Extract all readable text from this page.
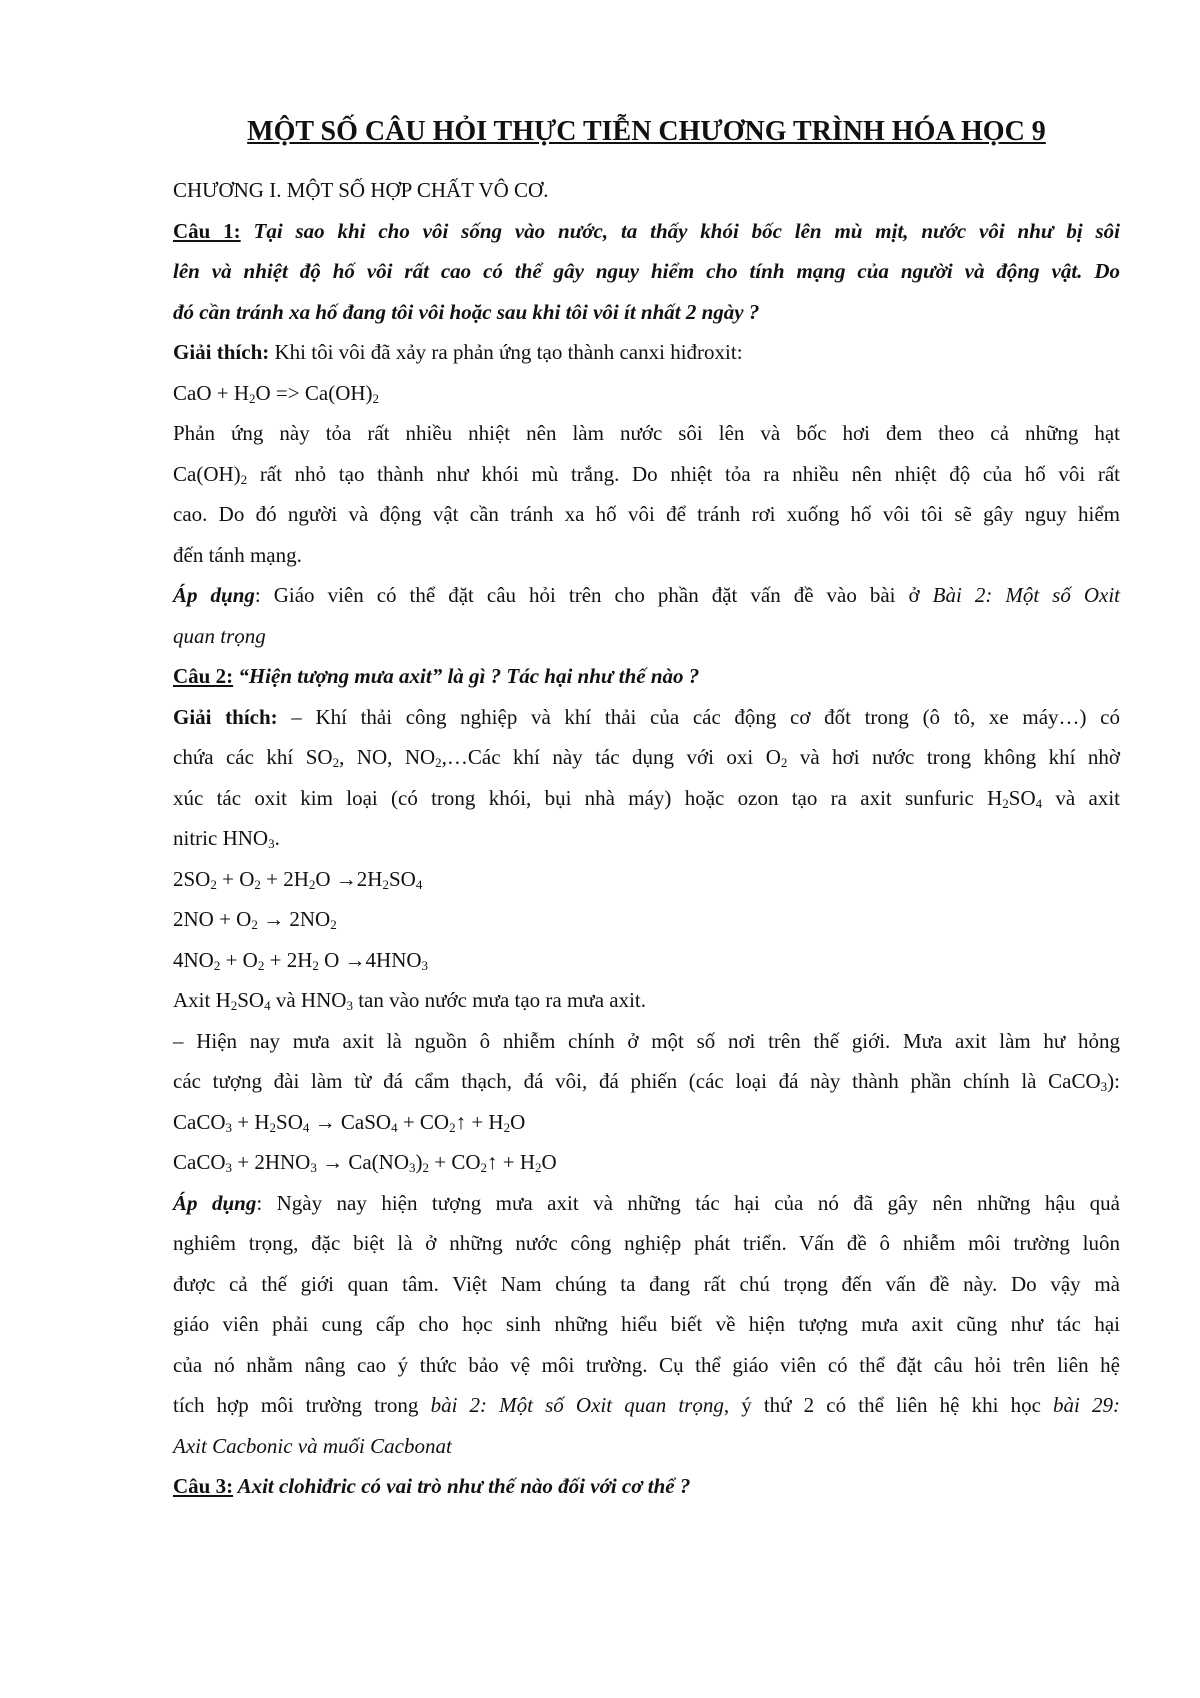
MỘT SỐ CÂU HỎI THỰC TIỄN CHƯƠNG TRÌNH HÓA HỌC 9

CHƯƠNG I. MỘT SỐ HỢP CHẤT VÔ CƠ.

Câu 1: Tại sao khi cho vôi sống vào nước, ta thấy khói bốc lên mù mịt, nước vôi như bị sôi

lên và nhiệt độ hố vôi rất cao có thể gây nguy hiểm cho tính mạng của người và động vật. Do

đó cần tránh xa hố đang tôi vôi hoặc sau khi tôi vôi ít nhất 2 ngày ?

Giải thích: Khi tôi vôi đã xảy ra phản ứng tạo thành canxi hiđroxit:

CaO + $H_2O => Ca(OH)_2$

Phản ứng này tỏa rất nhiều nhiệt nên làm nước sôi lên và bốc hơi đem theo cả những hạt

$Ca(OH)_2$ rất nhỏ tạo thành như khói mù trắng. Do nhiệt tỏa ra nhiều nên nhiệt độ của hố vôi rất

cao. Do đó người và động vật cần tránh xa hố vôi để tránh rơi xuống hố vôi tôi sẽ gây nguy hiểm

đến tánh mạng.

Áp dụng: Giáo viên có thể đặt câu hỏi trên cho phần đặt vấn đề vào bài ở Bài 2: Một số Oxit

quan trọng

Câu 2: “Hiện tượng mưa axit” là gì ? Tác hại như thế nào ?

Giải thích: – Khí thải công nghiệp và khí thải của các động cơ đốt trong (ô tô, xe máy…) có

chứa các khí $SO_2$, NO, $NO_2,\dots Các$ khí này tác dụng với oxi $O_2$ và hơi nước trong không khí nhờ

xúc tác oxit kim loại (có trong khói, bụi nhà máy) hoặc ozon tạo ra axit sunfuric $H_2SO_4$ và axit

nitric $HNO_3$.

$2SO_2 + O_2 + 2H_2O \to 2H_2SO_4$

$2NO + O_2 \to 2NO_2$

$4NO_2 + O_2 + 2H_2$ $O \to 4HNO_3$

Axit $H_2SO_4$ và $HNO_3$ tan vào nước mưa tạo ra mưa axit.

– Hiện nay mưa axit là nguồn ô nhiễm chính ở một số nơi trên thế giới. Mưa axit làm hư hỏng

các tượng đài làm từ đá cẩm thạch, đá vôi, đá phiến (các loại đá này thành phần chính là CaCO$_3$):

CaCO$_3$ + $H_2SO_4$ → CaSO$_4$ + $CO_2↑ + H_2O$

CaCO$_3$ + $2HNO_3 \to Ca(NO_3)_2$ + $CO_2↑ + H_2O$

Áp dụng: Ngày nay hiện tượng mưa axit và những tác hại của nó đã gây nên những hậu quả

nghiêm trọng, đặc biệt là ở những nước công nghiệp phát triển. Vấn đề ô nhiễm môi trường luôn

được cả thế giới quan tâm. Việt Nam chúng ta đang rất chú trọng đến vấn đề này. Do vậy mà

giáo viên phải cung cấp cho học sinh những hiểu biết về hiện tượng mưa axit cũng như tác hại

của nó nhằm nâng cao ý thức bảo vệ môi trường. Cụ thể giáo viên có thể đặt câu hỏi trên liên hệ

tích hợp môi trường trong bài 2: Một số Oxit quan trọng, ý thứ 2 có thể liên hệ khi học bài 29:

Axit Cacbonic và muối Cacbonat

Câu 3: Axit clohiđric có vai trò như thế nào đối với cơ thể ?
